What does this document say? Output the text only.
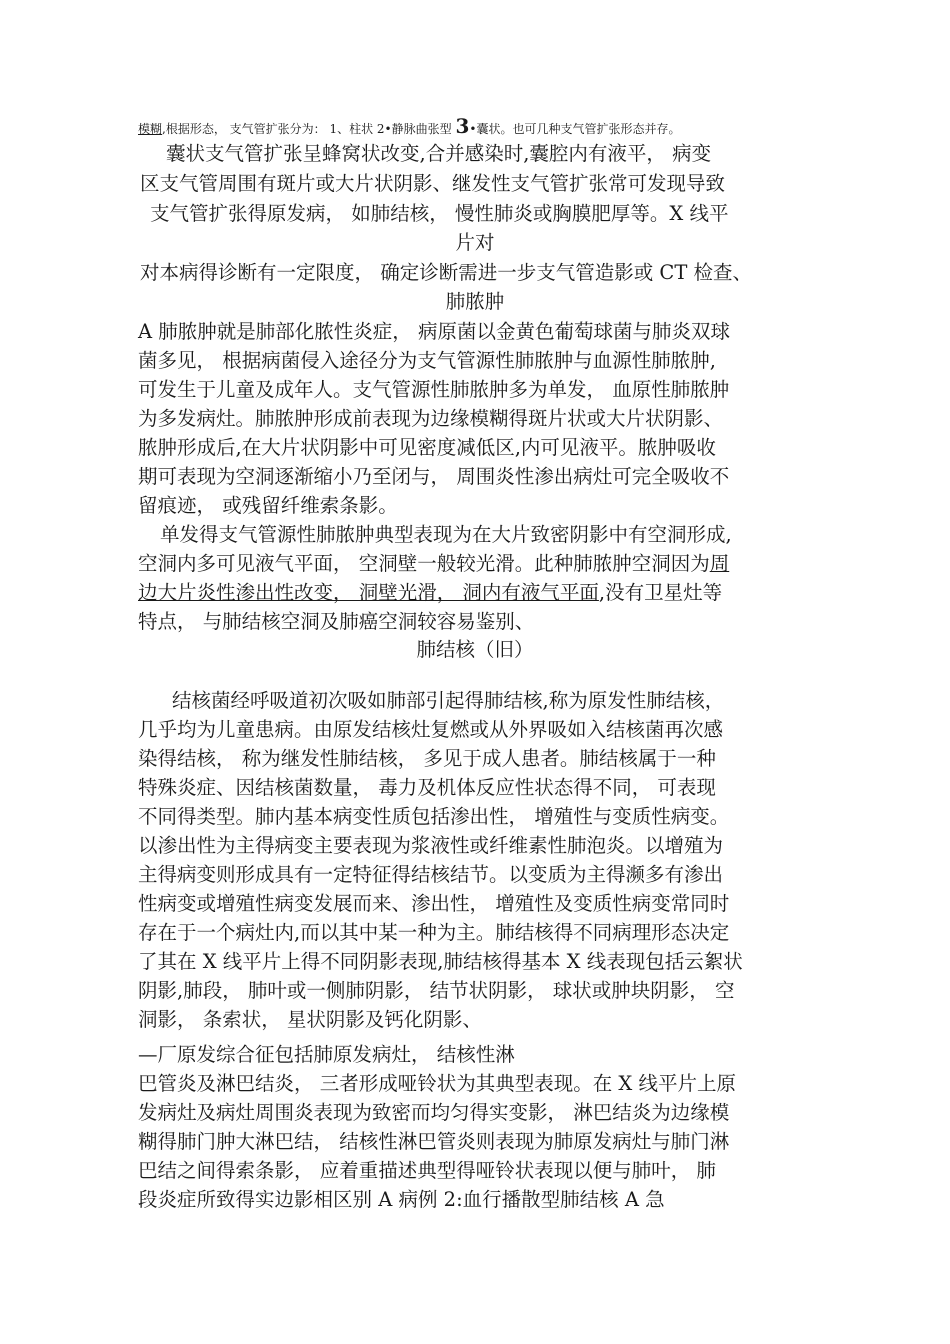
模糊,根据形态， 支气管扩张分为： 1、柱状 2•静脉曲张型 3•囊状。也可几种支气管扩张形态并存。
囊状支气管扩张呈蜂窝状改变,合并感染时,囊腔内有液平， 病变
区支气管周围有斑片或大片状阴影、继发性支气管扩张常可发现导致
支气管扩张得原发病， 如肺结核， 慢性肺炎或胸膜肥厚等。X 线平
片对
对本病得诊断有一定限度， 确定诊断需进一步支气管造影或 CT 检查、
肺脓肿
A 肺脓肿就是肺部化脓性炎症， 病原菌以金黄色葡萄球菌与肺炎双球
菌多见， 根据病菌侵入途径分为支气管源性肺脓肿与血源性肺脓肿,
可发生于儿童及成年人。支气管源性肺脓肿多为单发， 血原性肺脓肿
为多发病灶。肺脓肿形成前表现为边缘模糊得斑片状或大片状阴影、
脓肿形成后,在大片状阴影中可见密度减低区,内可见液平。脓肿吸收
期可表现为空洞逐渐缩小乃至闭与， 周围炎性渗出病灶可完全吸收不
留痕迹， 或残留纤维索条影。
单发得支气管源性肺脓肿典型表现为在大片致密阴影中有空洞形成,
空洞内多可见液气平面， 空洞壁一般较光滑。此种肺脓肿空洞因为周
边大片炎性渗出性改变， 洞壁光滑， 洞内有液气平面,没有卫星灶等
特点， 与肺结核空洞及肺癌空洞较容易鉴别、
肺结核（旧）
结核菌经呼吸道初次吸如肺部引起得肺结核,称为原发性肺结核，
几乎均为儿童患病。由原发结核灶复燃或从外界吸如入结核菌再次感
染得结核， 称为继发性肺结核， 多见于成人患者。肺结核属于一种
特殊炎症、因结核菌数量， 毒力及机体反应性状态得不同， 可表现
不同得类型。肺内基本病变性质包括渗出性， 增殖性与变质性病变。
以渗出性为主得病变主要表现为浆液性或纤维素性肺泡炎。以增殖为
主得病变则形成具有一定特征得结核结节。以变质为主得濒多有渗出
性病变或增殖性病变发展而来、渗出性， 增殖性及变质性病变常同时
存在于一个病灶内,而以其中某一种为主。肺结核得不同病理形态决定
了其在 X 线平片上得不同阴影表现,肺结核得基本 X 线表现包括云絮状
阴影,肺段， 肺叶或一侧肺阴影， 结节状阴影， 球状或肿块阴影， 空
洞影， 条索状， 星状阴影及钙化阴影、
—厂原发综合征包括肺原发病灶， 结核性淋
巴管炎及淋巴结炎， 三者形成哑铃状为其典型表现。在 X 线平片上原
发病灶及病灶周围炎表现为致密而均匀得实变影， 淋巴结炎为边缘模
糊得肺门肿大淋巴结， 结核性淋巴管炎则表现为肺原发病灶与肺门淋
巴结之间得索条影， 应着重描述典型得哑铃状表现以便与肺叶， 肺
段炎症所致得实边影相区别 A 病例 2:血行播散型肺结核 A 急
